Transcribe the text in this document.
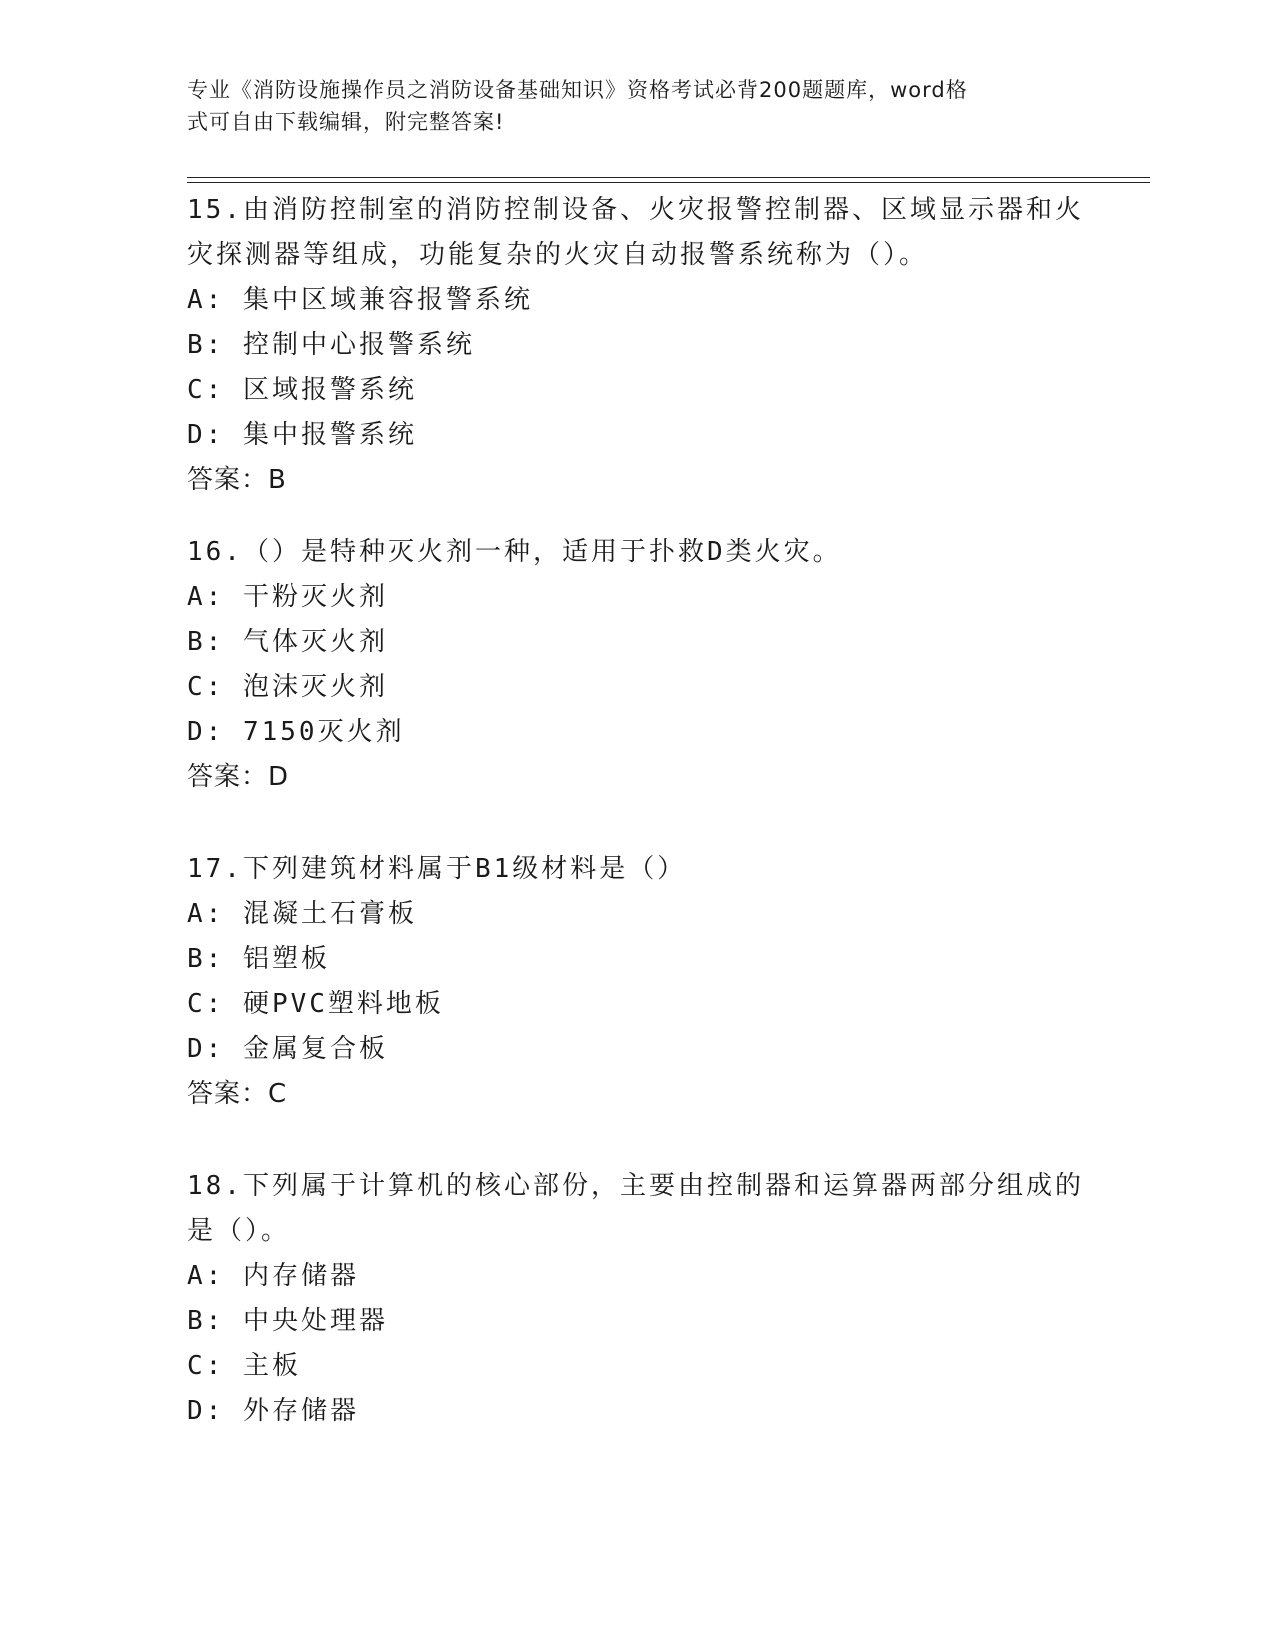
专业《消防设施操作员之消防设备基础知识》资格考试必背200题题库，word格
式可自由下载编辑，附完整答案!
15.由消防控制室的消防控制设备、火灾报警控制器、区域显示器和火
灾探测器等组成，功能复杂的火灾自动报警系统称为（）。
A: 集中区域兼容报警系统
B: 控制中心报警系统
C: 区域报警系统
D: 集中报警系统
答案：B
16.（）是特种灭火剂一种，适用于扑救D类火灾。
A: 干粉灭火剂
B: 气体灭火剂
C: 泡沫灭火剂
D: 7150灭火剂
答案：D
17.下列建筑材料属于B1级材料是（）
A: 混凝土石膏板
B: 铝塑板
C: 硬PVC塑料地板
D: 金属复合板
答案：C
18.下列属于计算机的核心部份，主要由控制器和运算器两部分组成的
是（）。
A: 内存储器
B: 中央处理器
C: 主板
D: 外存储器
